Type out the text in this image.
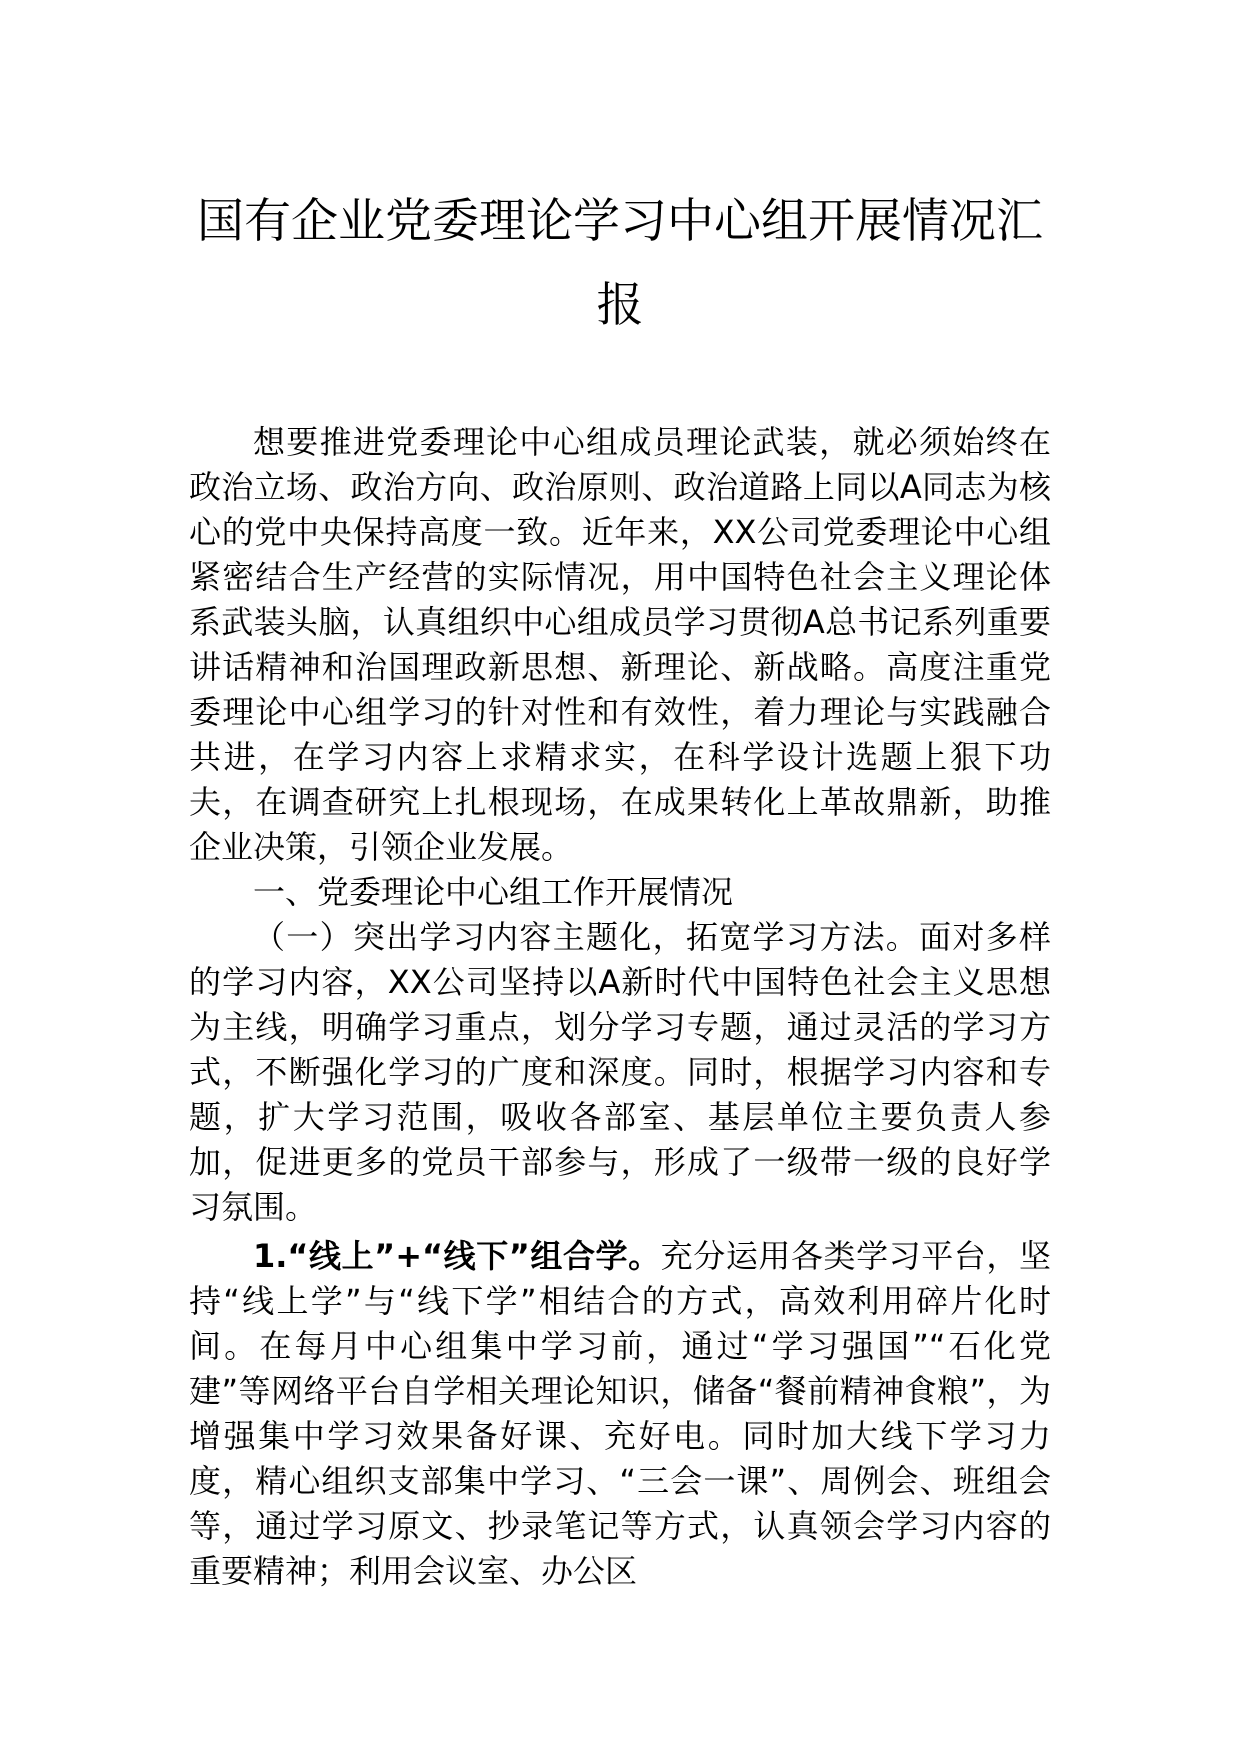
国有企业党委理论学习中心组开展情况汇报

想要推进党委理论中心组成员理论武装，就必须始终在政治立场、政治方向、政治原则、政治道路上同以A同志为核心的党中央保持高度一致。近年来，XX公司党委理论中心组紧密结合生产经营的实际情况，用中国特色社会主义理论体系武装头脑，认真组织中心组成员学习贯彻A总书记系列重要讲话精神和治国理政新思想、新理论、新战略。高度注重党委理论中心组学习的针对性和有效性，着力理论与实践融合共进，在学习内容上求精求实，在科学设计选题上狠下功夫，在调查研究上扎根现场，在成果转化上革故鼎新，助推企业决策，引领企业发展。

一、党委理论中心组工作开展情况

（一）突出学习内容主题化，拓宽学习方法。面对多样的学习内容，XX公司坚持以A新时代中国特色社会主义思想为主线，明确学习重点，划分学习专题，通过灵活的学习方式，不断强化学习的广度和深度。同时，根据学习内容和专题，扩大学习范围，吸收各部室、基层单位主要负责人参加，促进更多的党员干部参与，形成了一级带一级的良好学习氛围。

1.“线上”+“线下”组合学。充分运用各类学习平台，坚持“线上学”与“线下学”相结合的方式，高效利用碎片化时间。在每月中心组集中学习前，通过“学习强国”“石化党建”等网络平台自学相关理论知识，储备“餐前精神食粮”，为增强集中学习效果备好课、充好电。同时加大线下学习力度，精心组织支部集中学习、“三会一课”、周例会、班组会等，通过学习原文、抄录笔记等方式，认真领会学习内容的重要精神；利用会议室、办公区
